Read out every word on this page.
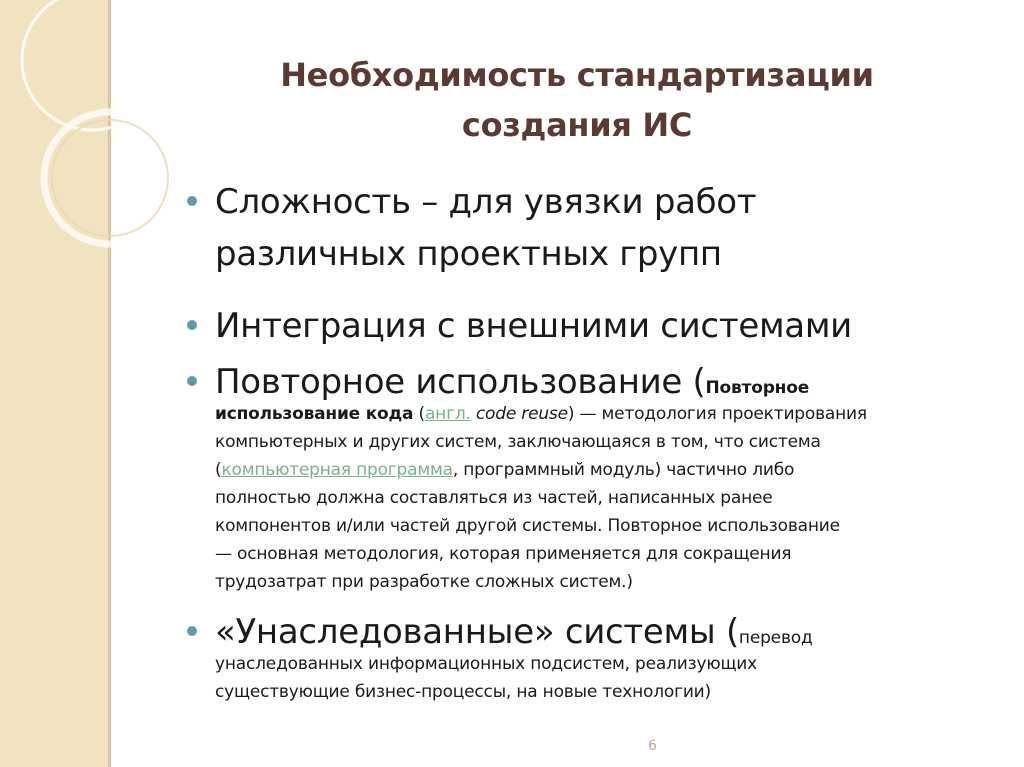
Необходимость стандартизации
создания ИС
Сложность – для увязки работ
различных проектных групп
Интеграция с внешними системами
Повторное использование (Повторное
использование кода (англ. code reuse) — методология проектирования
компьютерных и других систем, заключающаяся в том, что система
(компьютерная программа, программный модуль) частично либо
полностью должна составляться из частей, написанных ранее
компонентов и/или частей другой системы. Повторное использование
— основная методология, которая применяется для сокращения
трудозатрат при разработке сложных систем.)
«Унаследованные» системы (перевод
унаследованных информационных подсистем, реализующих
существующие бизнес-процессы, на новые технологии)
6
